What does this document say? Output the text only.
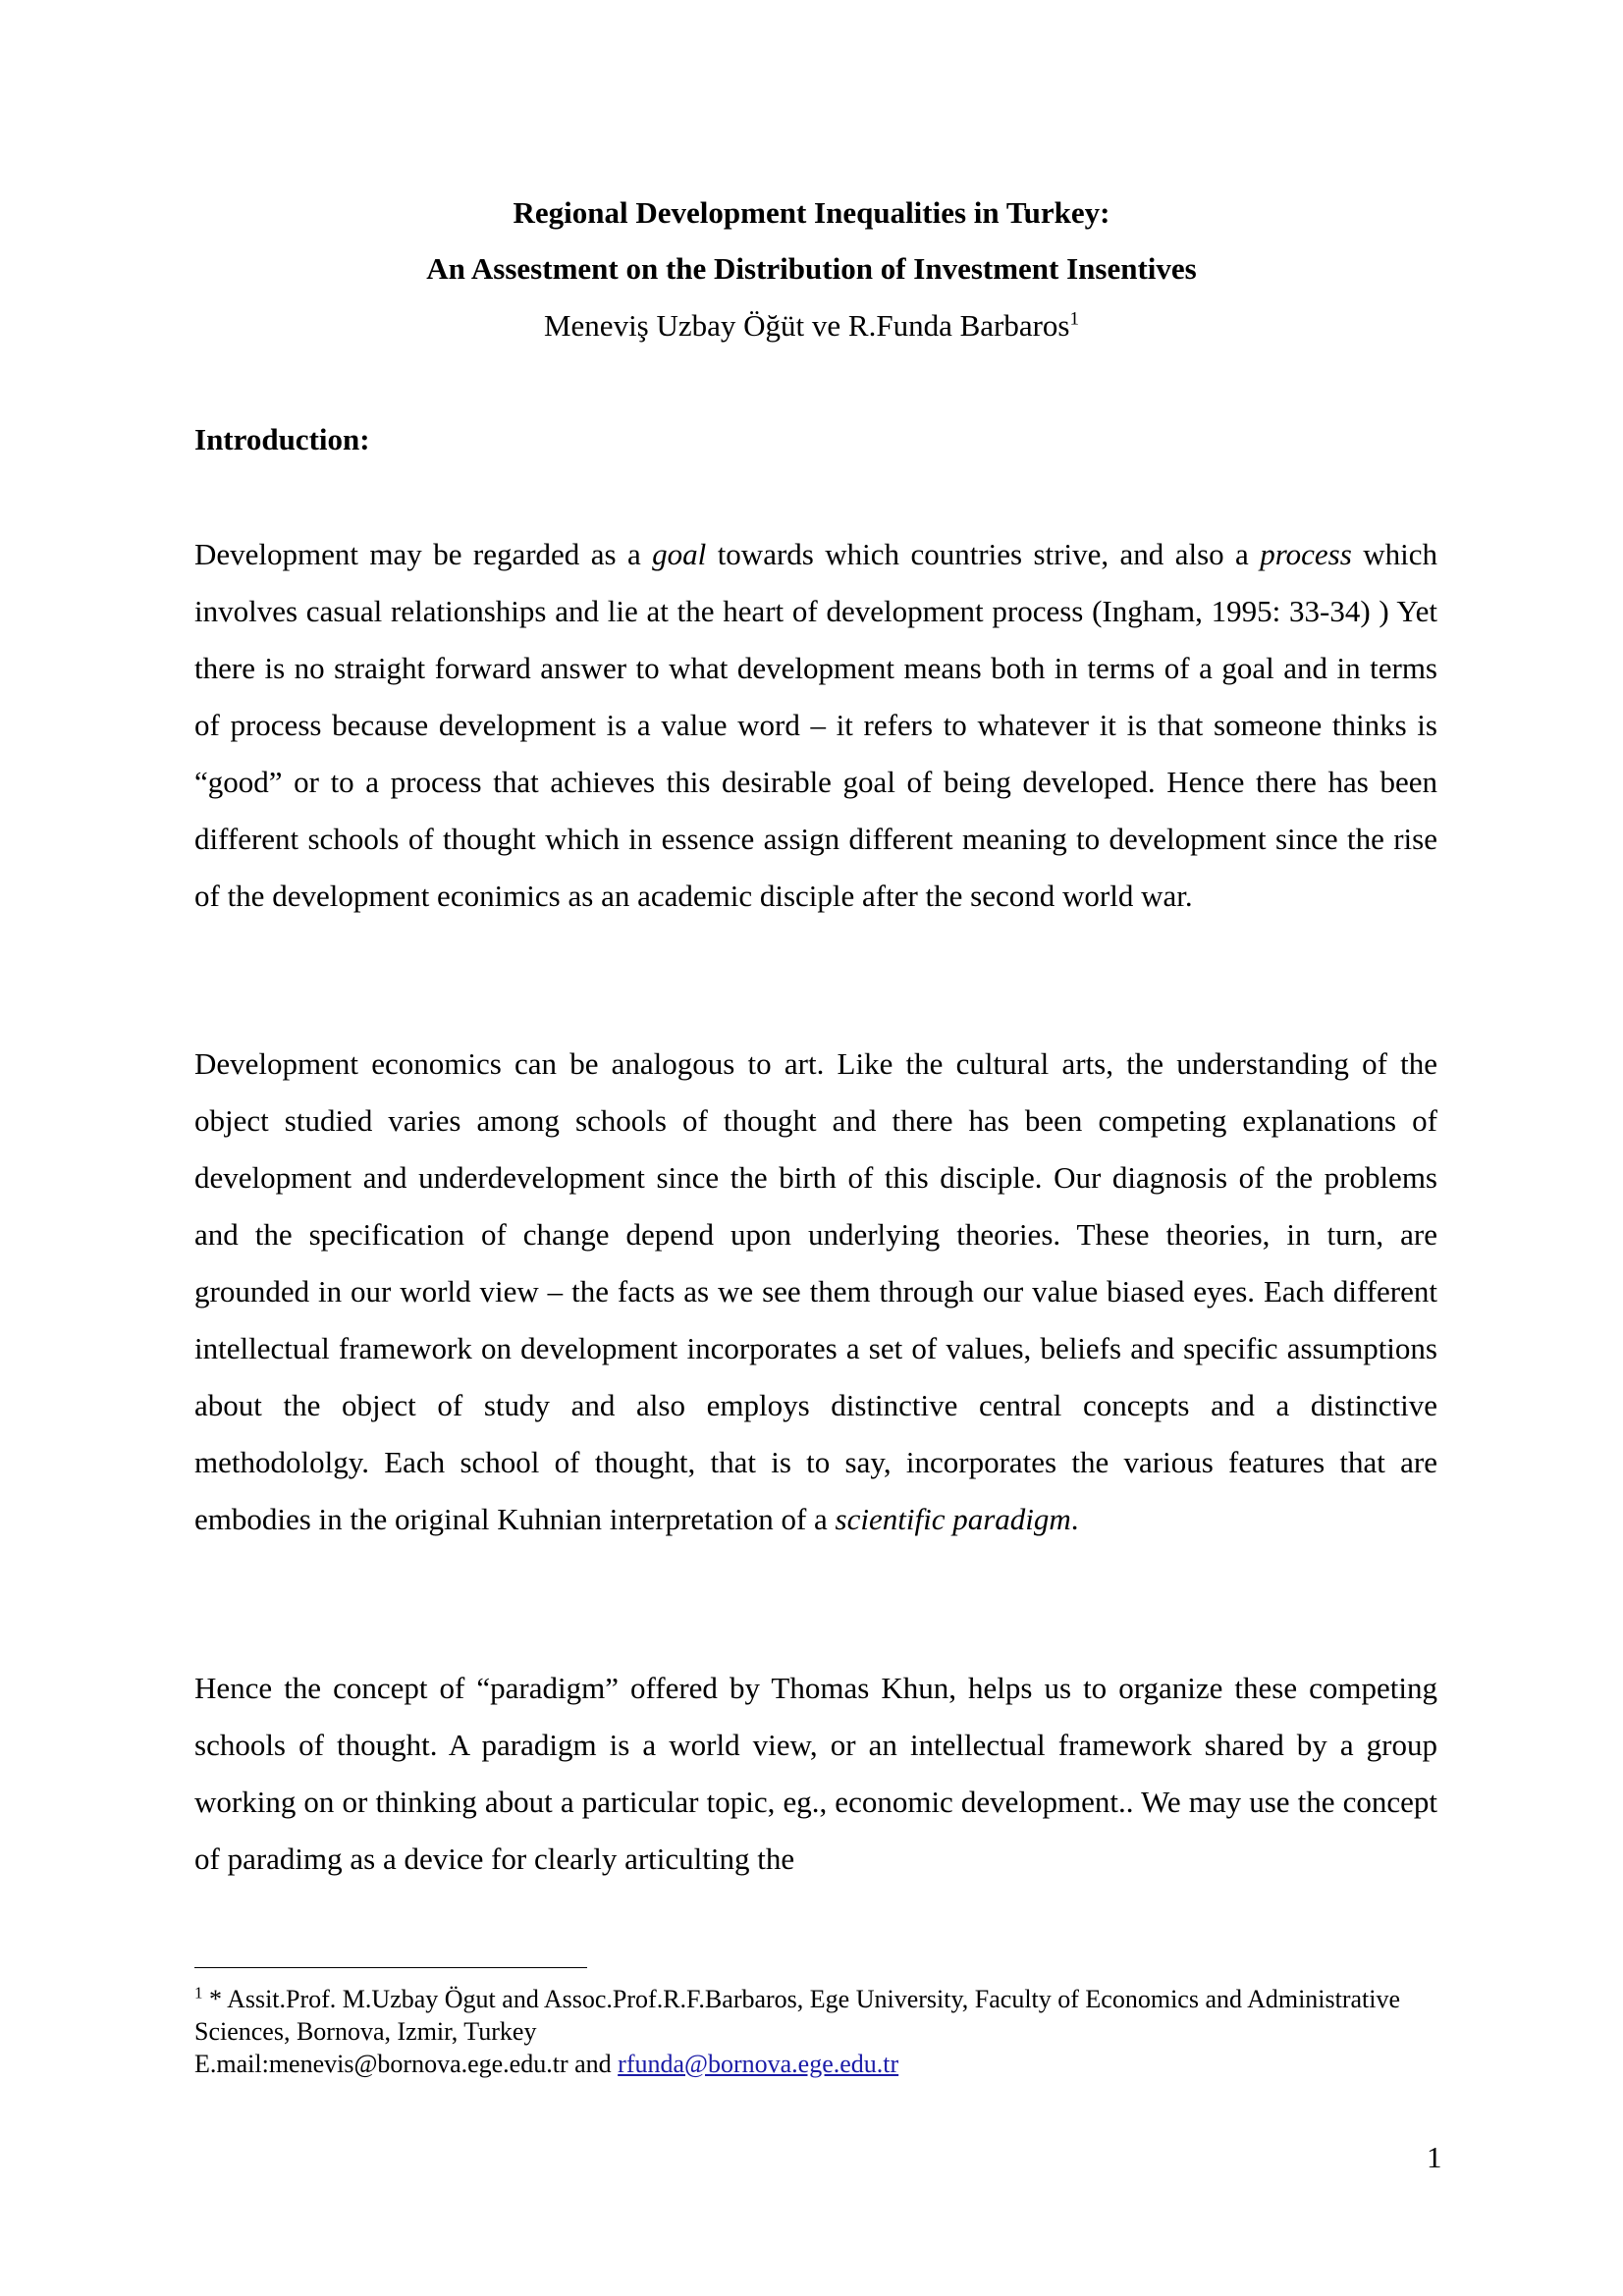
Regional Development Inequalities in Turkey:
An Assestment on the Distribution of Investment Insentives
Meneviş Uzbay Öğüt ve R.Funda Barbaros$^1$
Introduction:

Development may be regarded as a goal towards which countries strive, and also a process which involves casual relationships and lie at the heart of development process (Ingham, 1995: 33-34) ) Yet there is no straight forward answer to what development means both in terms of a goal and in terms of process because development is a value word – it refers to whatever it is that someone thinks is “good” or to a process that achieves this desirable goal of being developed. Hence there has been different schools of thought which in essence assign different meaning to development since the rise of the development econimics as an academic disciple after the second world war.

Development economics can be analogous to art. Like the cultural arts, the understanding of the object studied varies among schools of thought and there has been competing explanations of development and underdevelopment since the birth of this disciple. Our diagnosis of the problems and the specification of change depend upon underlying theories. These theories, in turn, are grounded in our world view – the facts as we see them through our value biased eyes. Each different intellectual framework on development incorporates a set of values, beliefs and specific assumptions about the object of study and also employs distinctive central concepts and a distinctive methodololgy. Each school of thought, that is to say, incorporates the various features that are embodies in the original Kuhnian interpretation of a scientific paradigm.

Hence the concept of “paradigm” offered by Thomas Khun, helps us to organize these competing schools of thought. A paradigm is a world view, or an intellectual framework shared by a group working on or thinking about a particular topic, eg., economic development.. We may use the concept of paradimg as a device for clearly articulting the

$^1$ * Assit.Prof. M.Uzbay Ögut and Assoc.Prof.R.F.Barbaros, Ege University, Faculty of Economics and Administrative Sciences, Bornova, Izmir, Turkey
E.mail:menevis@bornova.ege.edu.tr and rfunda@bornova.ege.edu.tr

1
